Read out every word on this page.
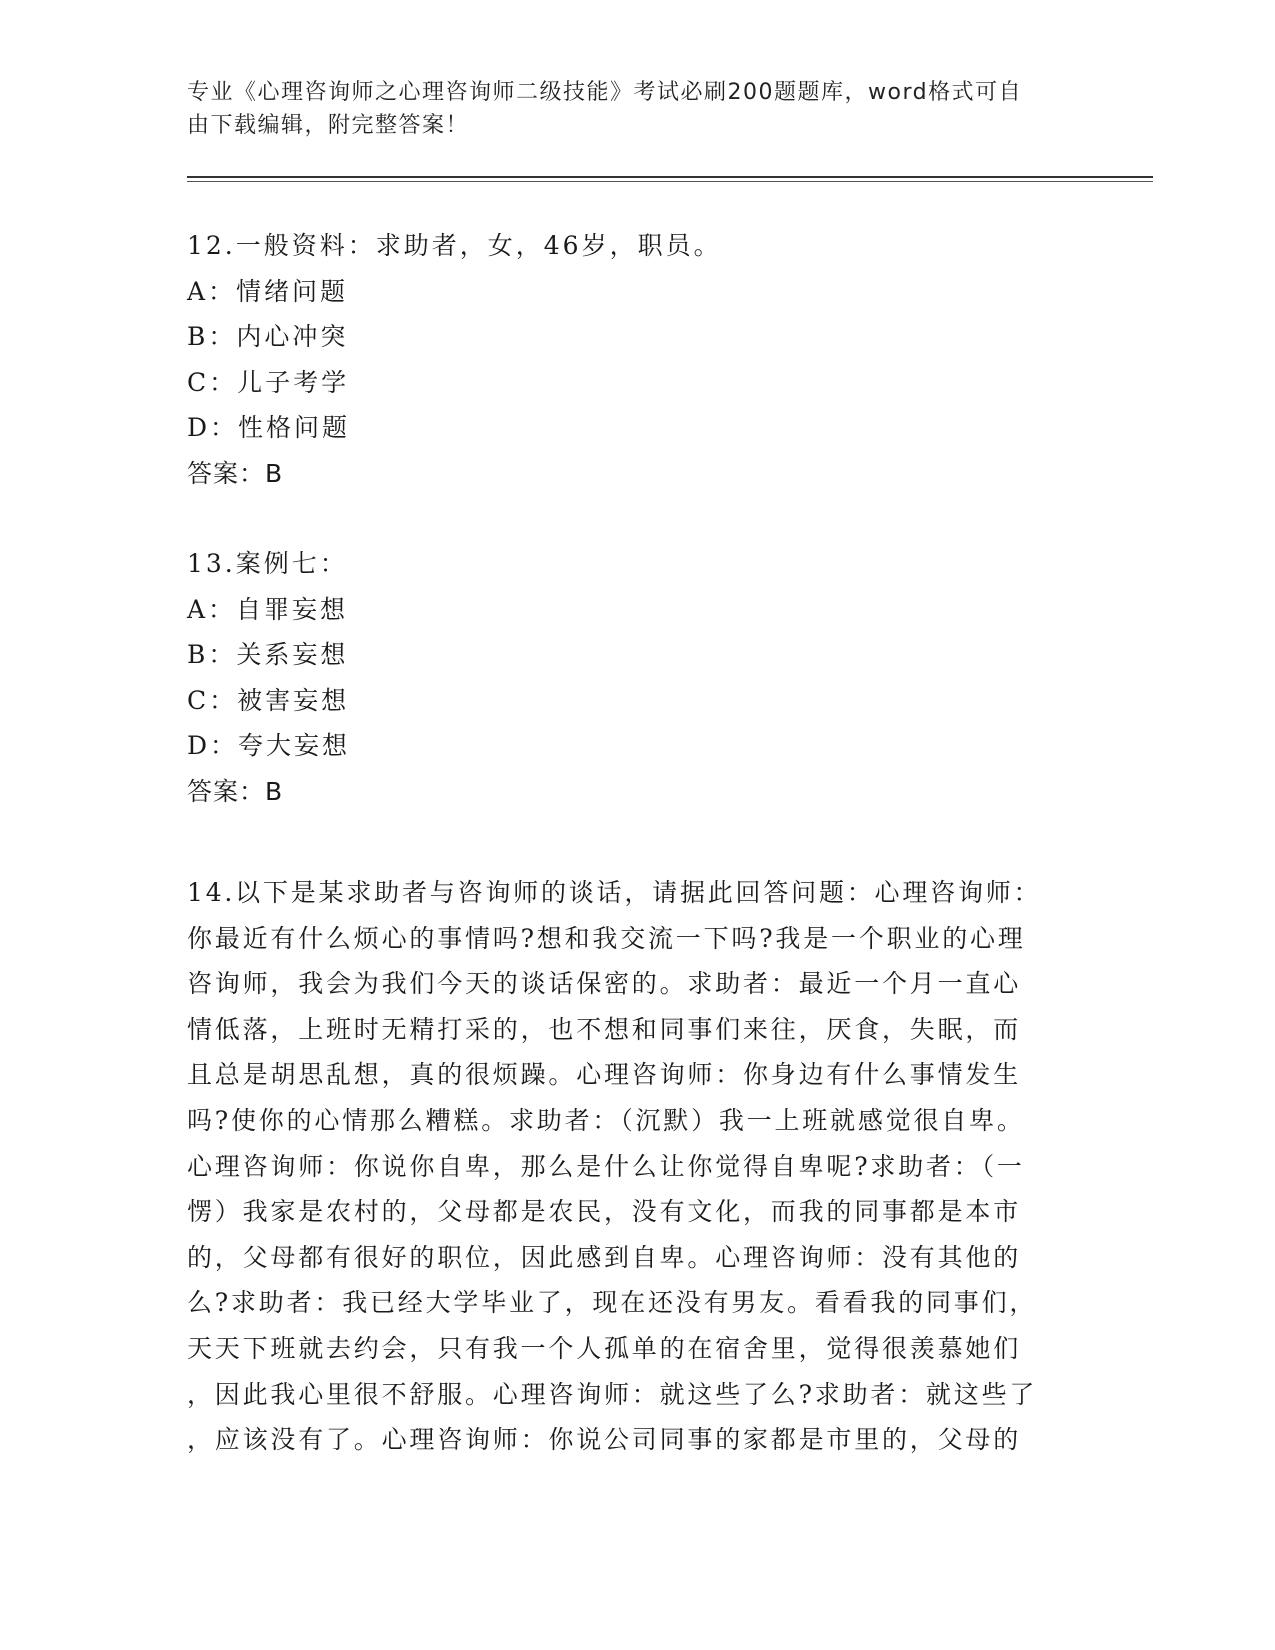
专业《心理咨询师之心理咨询师二级技能》考试必刷200题题库，word格式可自
由下载编辑，附完整答案！
12.一般资料：求助者，女，46岁，职员。
A：情绪问题
B：内心冲突
C：儿子考学
D：性格问题
答案：B
13.案例七：
A：自罪妄想
B：关系妄想
C：被害妄想
D：夸大妄想
答案：B
14.以下是某求助者与咨询师的谈话，请据此回答问题：心理咨询师：
你最近有什么烦心的事情吗?想和我交流一下吗?我是一个职业的心理
咨询师，我会为我们今天的谈话保密的。求助者：最近一个月一直心
情低落，上班时无精打采的，也不想和同事们来往，厌食，失眠，而
且总是胡思乱想，真的很烦躁。心理咨询师：你身边有什么事情发生
吗?使你的心情那么糟糕。求助者：（沉默）我一上班就感觉很自卑。
心理咨询师：你说你自卑，那么是什么让你觉得自卑呢?求助者：（一
愣）我家是农村的，父母都是农民，没有文化，而我的同事都是本市
的，父母都有很好的职位，因此感到自卑。心理咨询师：没有其他的
么?求助者：我已经大学毕业了，现在还没有男友。看看我的同事们，
天天下班就去约会，只有我一个人孤单的在宿舍里，觉得很羡慕她们
，因此我心里很不舒服。心理咨询师：就这些了么?求助者：就这些了
，应该没有了。心理咨询师：你说公司同事的家都是市里的，父母的
